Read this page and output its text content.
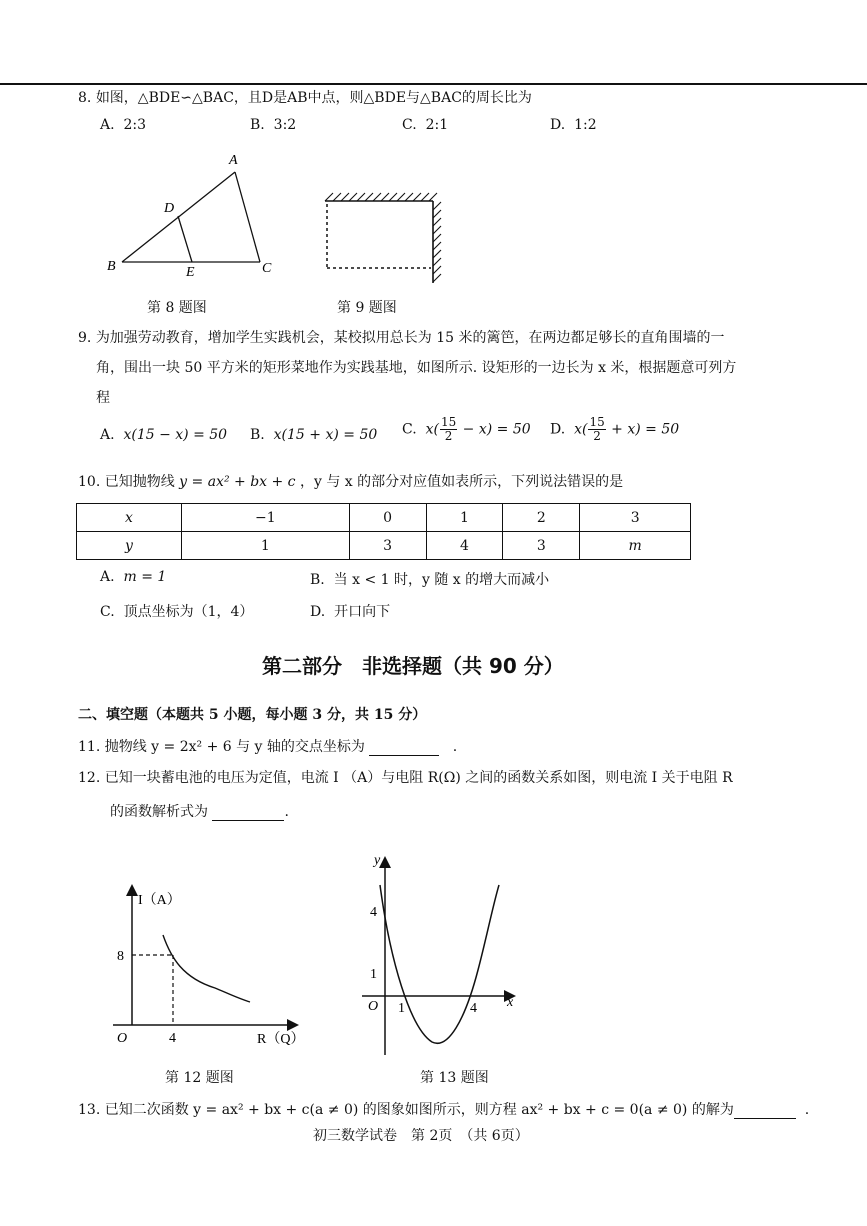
8. 如图，△BDE∽△BAC，且D是AB中点，则△BDE与△BAC的周长比为
A. 2:3	B. 3:2	C. 2:1	D. 1:2
A
B	C
D
E
第 8 题图	第 9 题图
9. 为加强劳动教育，增加学生实践机会，某校拟用总长为 15 米的篱笆，在两边都足够长的直角围墙的一
角，围出一块 50 平方米的矩形菜地作为实践基地，如图所示. 设矩形的一边长为 x 米，根据题意可列方
程
A. x(15 − x) = 50 B. x(15 + x) = 50 C. $x( \frac{15}{2} - x) = 50$ D. $x( \frac{15}{2} + x) = 50$
10. 已知抛物线 y = ax² + bx + c ，y 与 x 的部分对应值如表所示，下列说法错误的是
x	−1	0	1	2	3
y	1	3	4	3	m
A. m = 1	B. 当 x < 1 时，y 随 x 的增大而减小
C. 顶点坐标为（1，4）	D. 开口向下
第二部分　非选择题（共 90 分）
二、填空题（本题共 5 小题，每小题 3 分，共 15 分）
11. 抛物线 y = 2x² + 6 与 y 轴的交点坐标为	.
12. 已知一块蓄电池的电压为定值，电流 I （A）与电阻 R(Ω) 之间的函数关系如图，则电流 I 关于电阻 R
的函数解析式为	.
I（A）
R（Q）
O
8
4
第 12 题图
y
x
O
4
1
1	4
第 13 题图
13. 已知二次函数 y = ax² + bx + c(a ≠ 0) 的图象如图所示，则方程 ax² + bx + c = 0(a ≠ 0) 的解为	.
初三数学试卷　第 2页　（共 6页）
